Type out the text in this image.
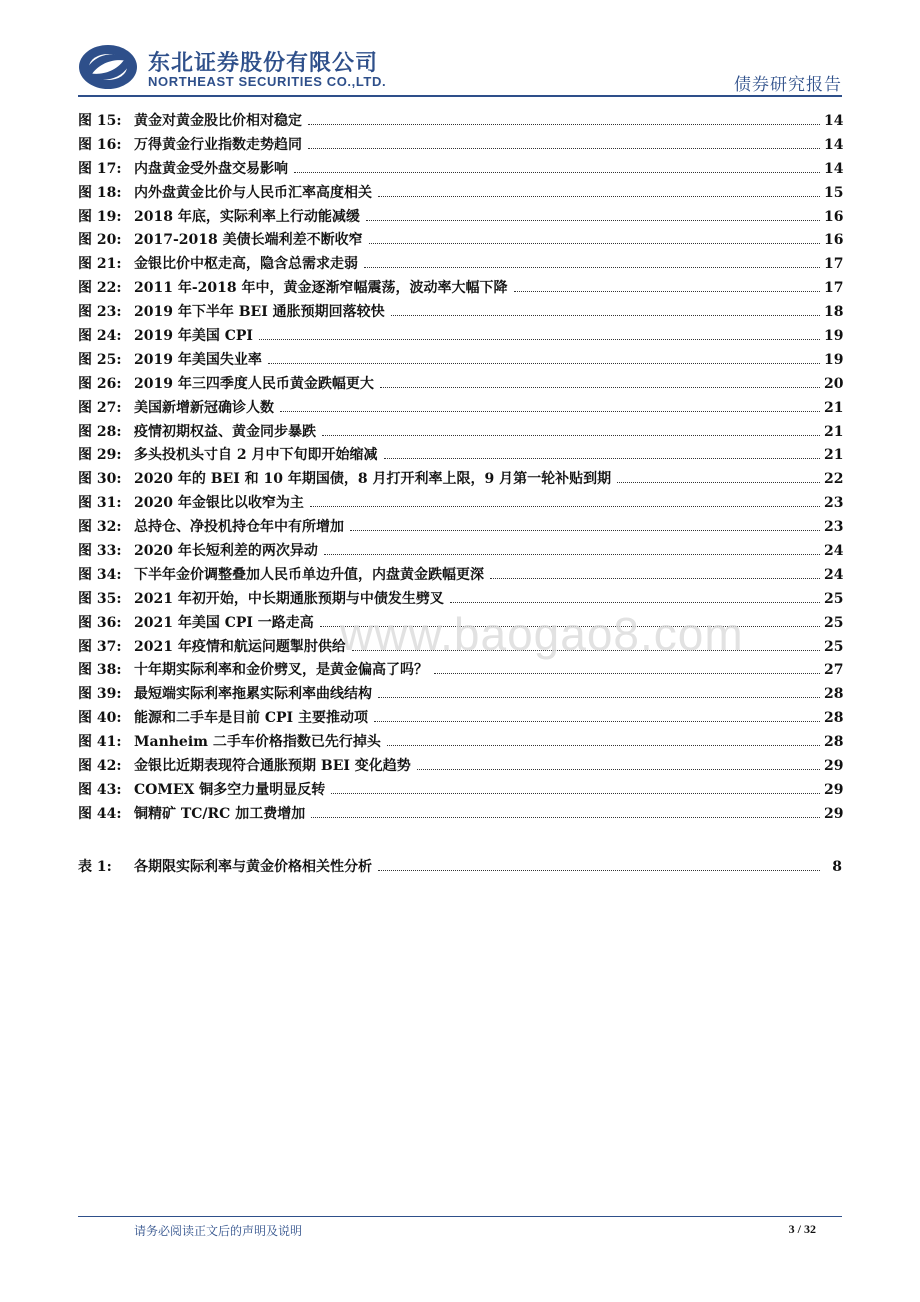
东北证券股份有限公司
NORTHEAST SECURITIES CO.,LTD.	债券研究报告
图 15: 黄金对黄金股比价相对稳定	14
图 16: 万得黄金行业指数走势趋同	14
图 17: 内盘黄金受外盘交易影响	14
图 18: 内外盘黄金比价与人民币汇率高度相关	15
图 19: 2018 年底，实际利率上行动能减缓	16
图 20: 2017-2018 美债长端利差不断收窄	16
图 21: 金银比价中枢走高，隐含总需求走弱	17
图 22: 2011 年-2018 年中，黄金逐渐窄幅震荡，波动率大幅下降	17
图 23: 2019 年下半年 BEI 通胀预期回落较快	18
图 24: 2019 年美国 CPI	19
图 25: 2019 年美国失业率	19
图 26: 2019 年三四季度人民币黄金跌幅更大	20
图 27: 美国新增新冠确诊人数	21
图 28: 疫情初期权益、黄金同步暴跌	21
图 29: 多头投机头寸自 2 月中下旬即开始缩减	21
图 30: 2020 年的 BEI 和 10 年期国债，8 月打开利率上限，9 月第一轮补贴到期	22
图 31: 2020 年金银比以收窄为主	23
图 32: 总持仓、净投机持仓年中有所增加	23
图 33: 2020 年长短利差的两次异动	24
图 34: 下半年金价调整叠加人民币单边升值，内盘黄金跌幅更深	24
图 35: 2021 年初开始，中长期通胀预期与中债发生劈叉	25
图 36: 2021 年美国 CPI 一路走高	25
图 37: 2021 年疫情和航运问题掣肘供给	25
图 38: 十年期实际利率和金价劈叉，是黄金偏高了吗？	27
图 39: 最短端实际利率拖累实际利率曲线结构	28
图 40: 能源和二手车是目前 CPI 主要推动项	28
图 41: Manheim 二手车价格指数已先行掉头	28
图 42: 金银比近期表现符合通胀预期 BEI 变化趋势	29
图 43: COMEX 铜多空力量明显反转	29
图 44: 铜精矿 TC/RC 加工费增加	29
表 1:	各期限实际利率与黄金价格相关性分析	8
www.baogao8.com
请务必阅读正文后的声明及说明	3 / 32
